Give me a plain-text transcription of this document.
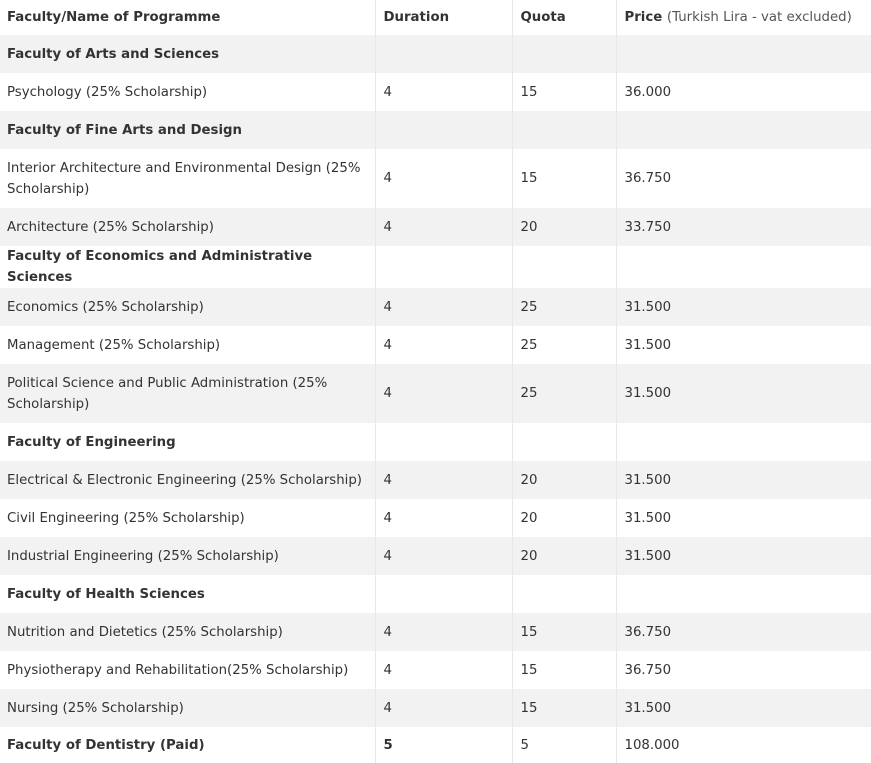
Faculty/Name of Programme	Duration	Quota	Price (Turkish Lira - vat excluded)
Faculty of Arts and Sciences			
Psychology (25% Scholarship)	4	15	36.000
Faculty of Fine Arts and Design			
Interior Architecture and Environmental Design (25% Scholarship)	4	15	36.750
Architecture (25% Scholarship)	4	20	33.750
Faculty of Economics and Administrative Sciences			
Economics (25% Scholarship)	4	25	31.500
Management (25% Scholarship)	4	25	31.500
Political Science and Public Administration (25% Scholarship)	4	25	31.500
Faculty of Engineering			
Electrical & Electronic Engineering (25% Scholarship)	4	20	31.500
Civil Engineering (25% Scholarship)	4	20	31.500
Industrial Engineering (25% Scholarship)	4	20	31.500
Faculty of Health Sciences			
Nutrition and Dietetics (25% Scholarship)	4	15	36.750
Physiotherapy and Rehabilitation(25% Scholarship)	4	15	36.750
Nursing (25% Scholarship)	4	15	31.500
Faculty of Dentistry (Paid)	5	5	108.000
